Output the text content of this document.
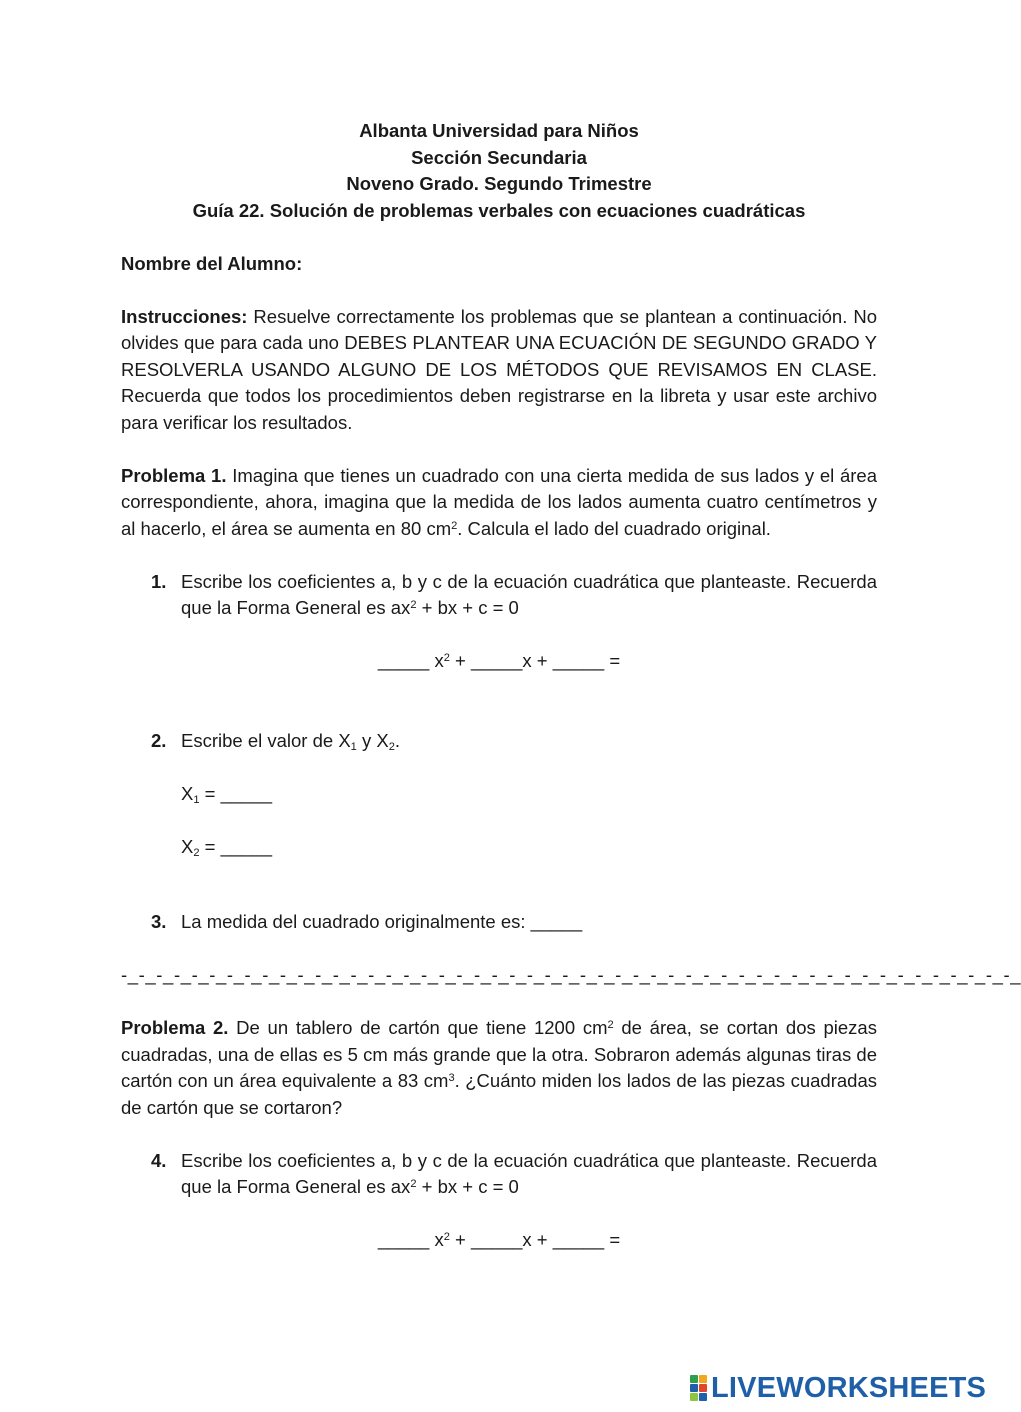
Albanta Universidad para Niños
Sección Secundaria
Noveno Grado. Segundo Trimestre
Guía 22. Solución de problemas verbales con ecuaciones cuadráticas
Nombre del Alumno:
Instrucciones: Resuelve correctamente los problemas que se plantean a continuación. No olvides que para cada uno DEBES PLANTEAR UNA ECUACIÓN DE SEGUNDO GRADO Y RESOLVERLA USANDO ALGUNO DE LOS MÉTODOS QUE REVISAMOS EN CLASE. Recuerda que todos los procedimientos deben registrarse en la libreta y usar este archivo para verificar los resultados.
Problema 1. Imagina que tienes un cuadrado con una cierta medida de sus lados y el área correspondiente, ahora, imagina que la medida de los lados aumenta cuatro centímetros y al hacerlo, el área se aumenta en 80 $cm^2$. Calcula el lado del cuadrado original.
1. Escribe los coeficientes a, b y c de la ecuación cuadrática que planteaste. Recuerda que la Forma General es $ax^2$ + bx + c = 0
_____ $x^2$ + _____x + _____ =
2. Escribe el valor de $X_1$ y $X_2$.
$X_1$ = _____
$X_2$ = _____
3. La medida del cuadrado originalmente es: _____
-_-_-_-_-_-_-_-_-_-_-_-_-_-_-_-_-_-_-_-_-_-_-_-_-_-_-_-_-_-_-_-_-_-_-_-_-_-_-_-_-_-_-_-_-_-_-_-_-_-_-_
Problema 2. De un tablero de cartón que tiene 1200 $cm^2$ de área, se cortan dos piezas cuadradas, una de ellas es 5 cm más grande que la otra. Sobraron además algunas tiras de cartón con un área equivalente a 83 $cm^3$. ¿Cuánto miden los lados de las piezas cuadradas de cartón que se cortaron?
4. Escribe los coeficientes a, b y c de la ecuación cuadrática que planteaste. Recuerda que la Forma General es $ax^2$ + bx + c = 0
_____ $x^2$ + _____x + _____ =
LIVEWORKSHEETS
